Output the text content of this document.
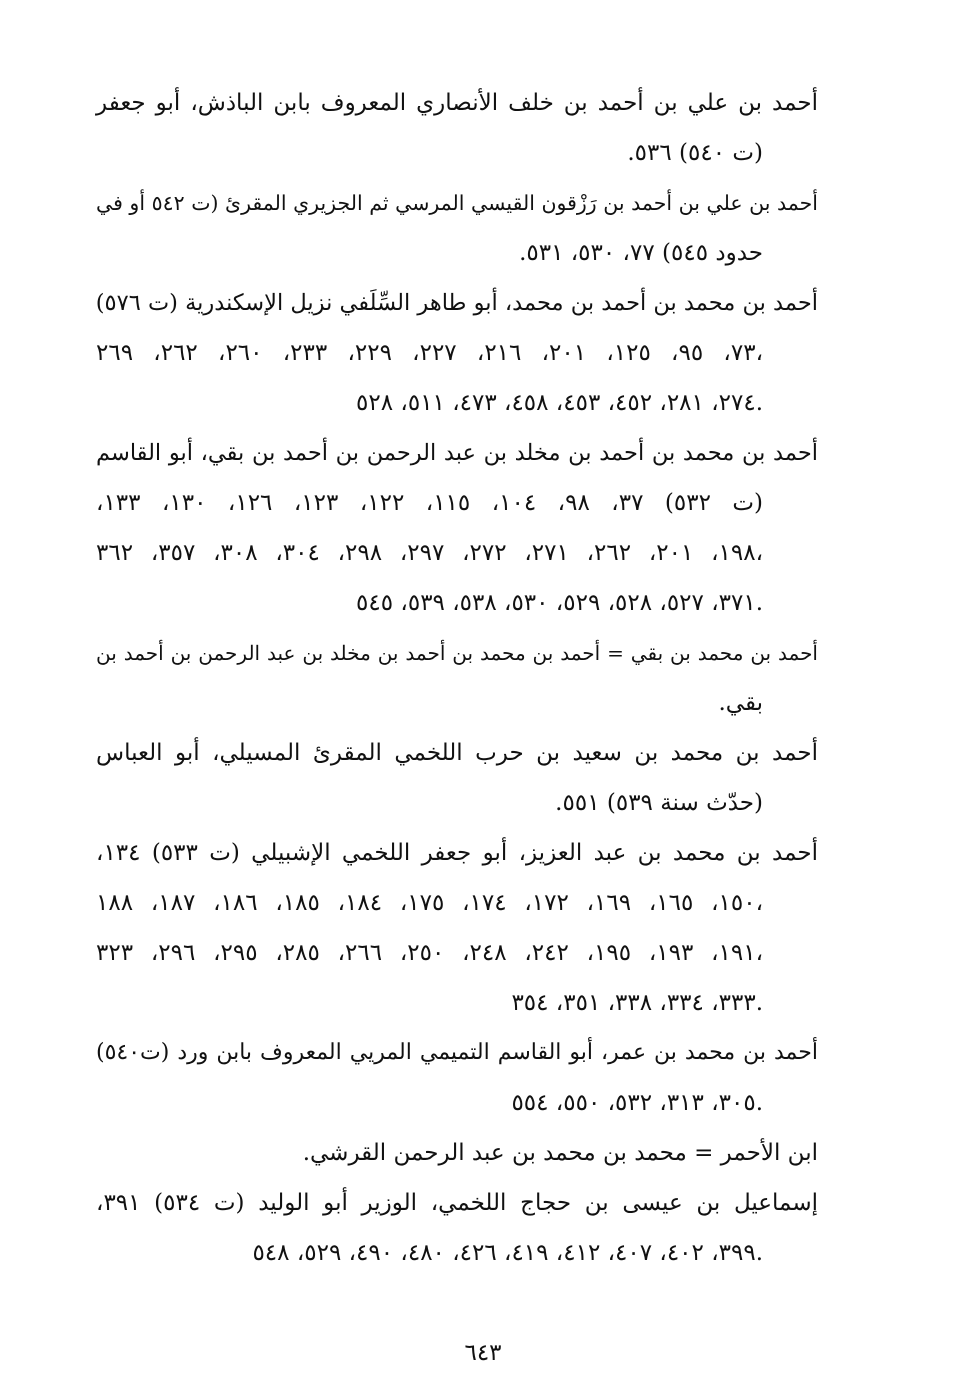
أحمد بن علي بن أحمد بن خلف الأنصاري المعروف بابن الباذش، أبو جعفر
(ت ٥٤٠) ٥٣٦.
أحمد بن علي بن أحمد بن رَزْقون القيسي المرسي ثم الجزيري المقرئ (ت ٥٤٢ أو في
حدود ٥٤٥) ٧٧، ٥٣٠، ٥٣١.
أحمد بن محمد بن أحمد بن محمد، أبو طاهر السِّلَفي نزيل الإسكندرية (ت ٥٧٦)
٧٣، ٩٥، ١٢٥، ٢٠١، ٢١٦، ٢٢٧، ٢٢٩، ٢٣٣، ٢٦٠، ٢٦٢، ٢٦٩،
٢٧٤، ٢٨١، ٤٥٢، ٤٥٣، ٤٥٨، ٤٧٣، ٥١١، ٥٢٨.
أحمد بن محمد بن أحمد بن مخلد بن عبد الرحمن بن أحمد بن بقي، أبو القاسم
(ت ٥٣٢) ٣٧، ٩٨، ١٠٤، ١١٥، ١٢٢، ١٢٣، ١٢٦، ١٣٠، ١٣٣،
١٩٨، ٢٠١، ٢٦٢، ٢٧١، ٢٧٢، ٢٩٧، ٢٩٨، ٣٠٤، ٣٠٨، ٣٥٧، ٣٦٢،
٣٧١، ٥٢٧، ٥٢٨، ٥٢٩، ٥٣٠، ٥٣٨، ٥٣٩، ٥٤٥.
أحمد بن محمد بن بقي = أحمد بن محمد بن أحمد بن مخلد بن عبد الرحمن بن أحمد بن
بقي.
أحمد بن محمد بن سعيد بن حرب اللخمي المقرئ المسيلي، أبو العباس
(حدّث سنة ٥٣٩) ٥٥١.
أحمد بن محمد بن عبد العزيز، أبو جعفر اللخمي الإشبيلي (ت ٥٣٣) ١٣٤،
١٥٠، ١٦٥، ١٦٩، ١٧٢، ١٧٤، ١٧٥، ١٨٤، ١٨٥، ١٨٦، ١٨٧، ١٨٨،
١٩١، ١٩٣، ١٩٥، ٢٤٢، ٢٤٨، ٢٥٠، ٢٦٦، ٢٨٥، ٢٩٥، ٢٩٦، ٣٢٣،
٣٣٣، ٣٣٤، ٣٣٨، ٣٥١، ٣٥٤.
أحمد بن محمد بن عمر، أبو القاسم التميمي المريي المعروف بابن ورد (ت٥٤٠)
٣٠٥، ٣١٣، ٥٣٢، ٥٥٠، ٥٥٤.
ابن الأحمر = محمد بن محمد بن عبد الرحمن القرشي.
إسماعيل بن عيسى بن حجاج اللخمي، الوزير أبو الوليد (ت ٥٣٤) ٣٩١،
٣٩٩، ٤٠٢، ٤٠٧، ٤١٢، ٤١٩، ٤٢٦، ٤٨٠، ٤٩٠، ٥٢٩، ٥٤٨.
٦٤٣
